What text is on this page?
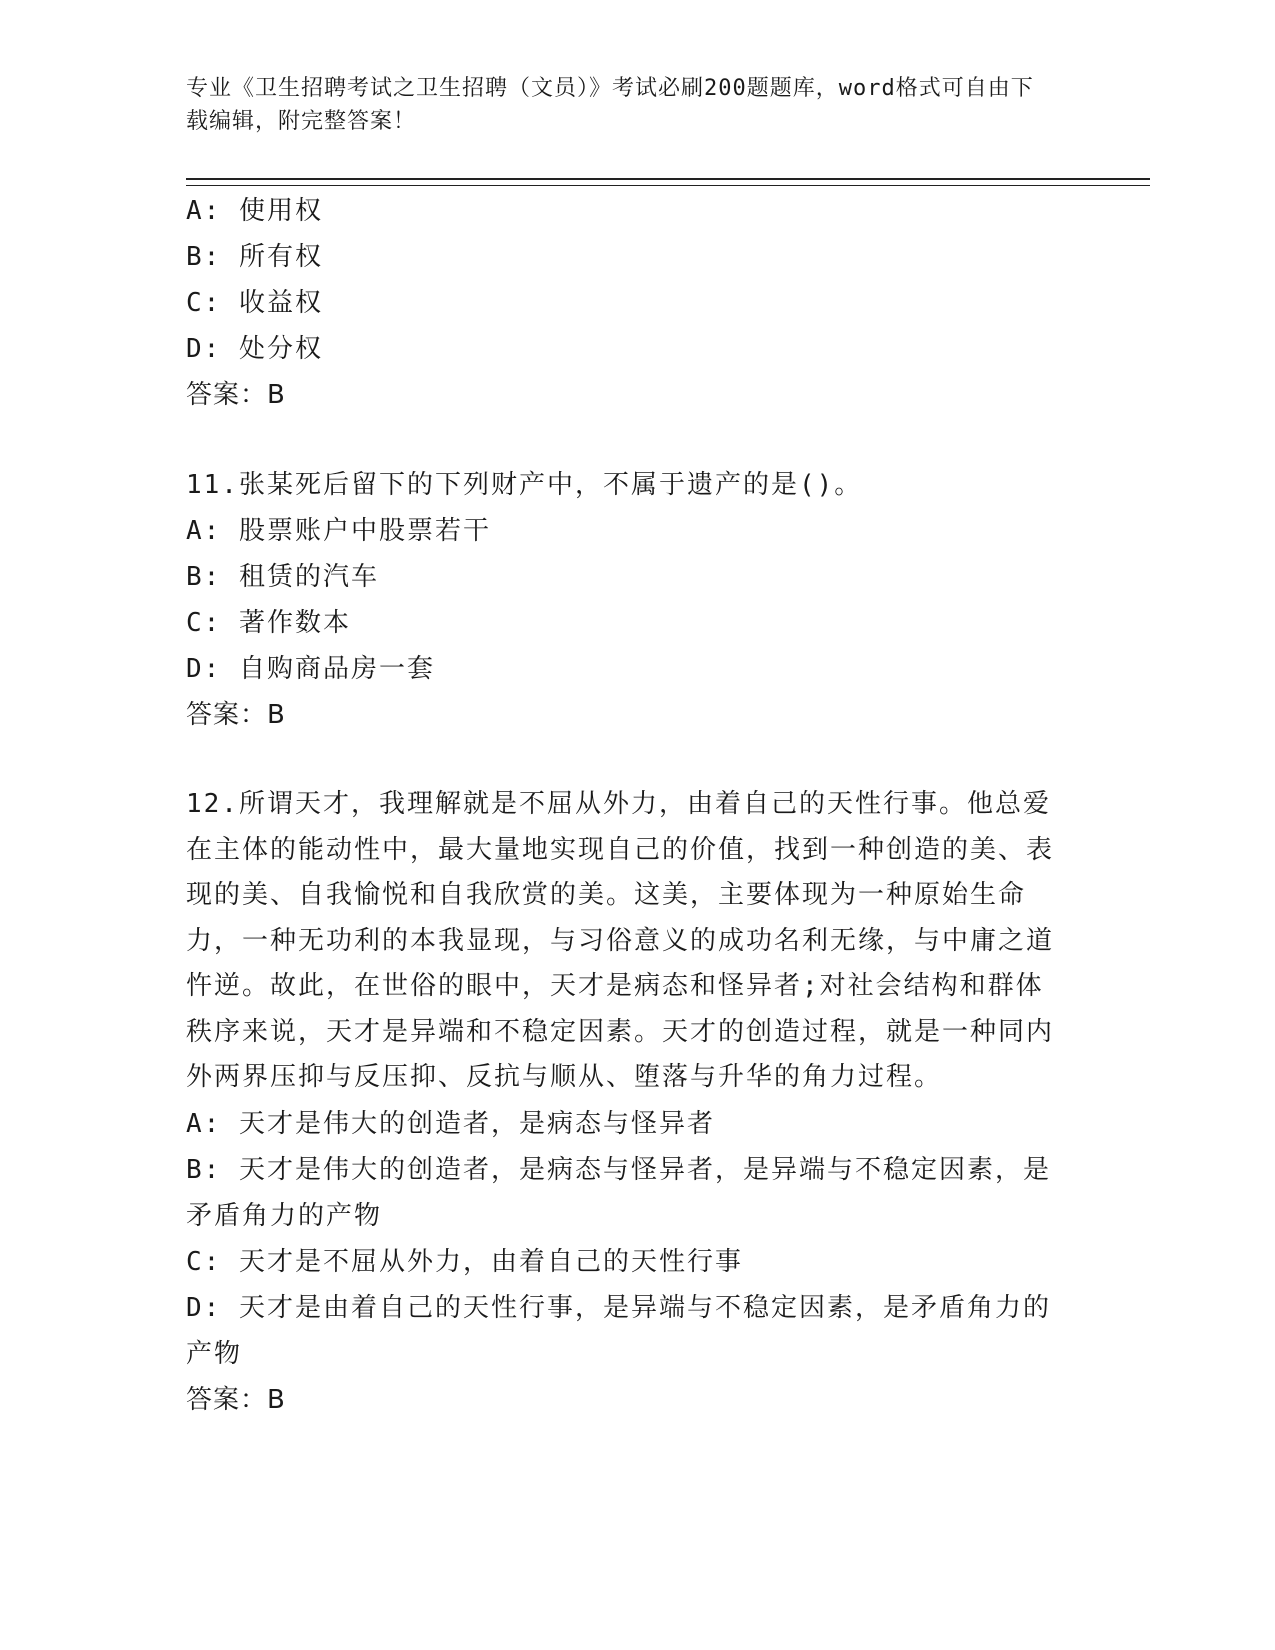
专业《卫生招聘考试之卫生招聘（文员）》考试必刷200题题库，word格式可自由下载编辑，附完整答案！
A: 使用权
B: 所有权
C: 收益权
D: 处分权
答案：B
11.张某死后留下的下列财产中，不属于遗产的是()。
A: 股票账户中股票若干
B: 租赁的汽车
C: 著作数本
D: 自购商品房一套
答案：B
12.所谓天才，我理解就是不屈从外力，由着自己的天性行事。他总爱在主体的能动性中，最大量地实现自己的价值，找到一种创造的美、表现的美、自我愉悦和自我欣赏的美。这美，主要体现为一种原始生命力，一种无功利的本我显现，与习俗意义的成功名利无缘，与中庸之道忤逆。故此，在世俗的眼中，天才是病态和怪异者;对社会结构和群体秩序来说，天才是异端和不稳定因素。天才的创造过程，就是一种同内外两界压抑与反压抑、反抗与顺从、堕落与升华的角力过程。
A: 天才是伟大的创造者，是病态与怪异者
B: 天才是伟大的创造者，是病态与怪异者，是异端与不稳定因素，是矛盾角力的产物
C: 天才是不屈从外力，由着自己的天性行事
D: 天才是由着自己的天性行事，是异端与不稳定因素，是矛盾角力的产物
答案：B
